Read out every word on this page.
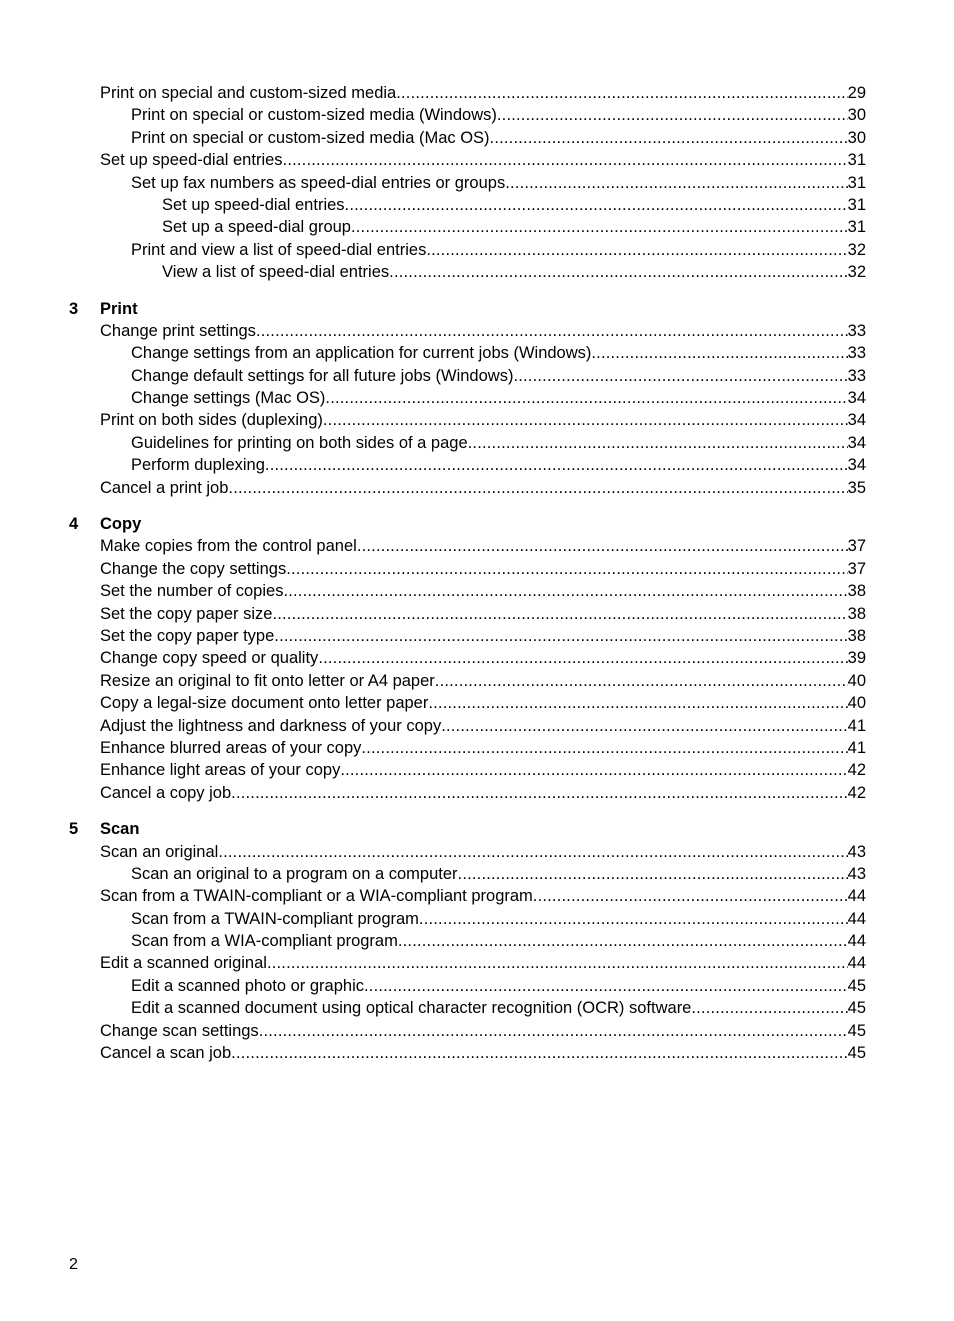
Print on special and custom-sized media .....	29
Print on special or custom-sized media (Windows) .....	30
Print on special or custom-sized media (Mac OS) .....	30
Set up speed-dial entries .....	31
Set up fax numbers as speed-dial entries or groups .....	31
Set up speed-dial entries .....	31
Set up a speed-dial group .....	31
Print and view a list of speed-dial entries .....	32
View a list of speed-dial entries .....	32
3 Print
Change print settings .....	33
Change settings from an application for current jobs (Windows) .....	33
Change default settings for all future jobs (Windows) .....	33
Change settings (Mac OS) .....	34
Print on both sides (duplexing) .....	34
Guidelines for printing on both sides of a page .....	34
Perform duplexing .....	34
Cancel a print job .....	35
4 Copy
Make copies from the control panel .....	37
Change the copy settings .....	37
Set the number of copies .....	38
Set the copy paper size .....	38
Set the copy paper type .....	38
Change copy speed or quality .....	39
Resize an original to fit onto letter or A4 paper .....	40
Copy a legal-size document onto letter paper .....	40
Adjust the lightness and darkness of your copy .....	41
Enhance blurred areas of your copy .....	41
Enhance light areas of your copy .....	42
Cancel a copy job .....	42
5 Scan
Scan an original .....	43
Scan an original to a program on a computer .....	43
Scan from a TWAIN-compliant or a WIA-compliant program .....	44
Scan from a TWAIN-compliant program .....	44
Scan from a WIA-compliant program .....	44
Edit a scanned original .....	44
Edit a scanned photo or graphic .....	45
Edit a scanned document using optical character recognition (OCR) software .....	45
Change scan settings .....	45
Cancel a scan job .....	45
2
